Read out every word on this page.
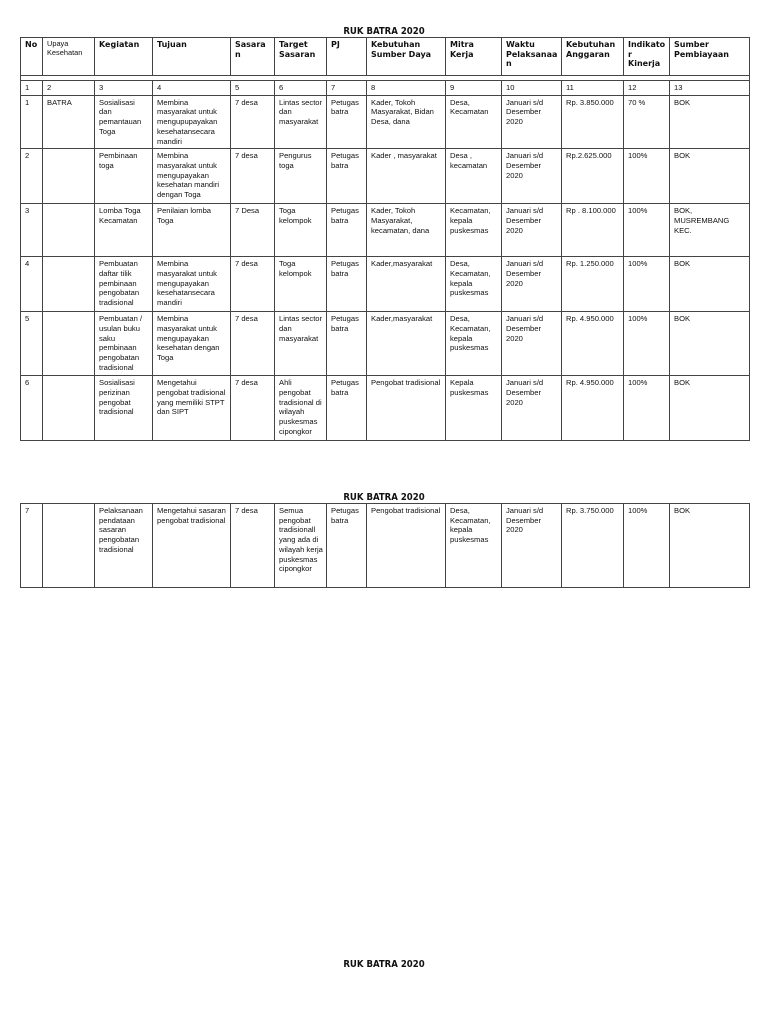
RUK BATRA 2020
No	Upaya Kesehatan	Kegiatan	Tujuan	Sasaran	Target Sasaran	PJ	Kebutuhan Sumber Daya	Mitra Kerja	Waktu Pelaksanaan	Kebutuhan Anggaran	Indikator Kinerja	Sumber Pembiayaan

1	2	3	4	5	6	7	8	9	10	11	12	13
1	BATRA	Sosialisasi dan pemantauan Toga	Membina masyarakat untuk mengupupayakan kesehatansecara mandiri	7 desa	Lintas sector dan masyarakat	Petugas batra	Kader, Tokoh Masyarakat, Bidan Desa, dana	Desa, Kecamatan	Januari s/d Desember 2020	Rp. 3.850.000	70 %	BOK
2		Pembinaan toga	Membina masyarakat untuk mengupayakan kesehatan mandiri dengan Toga	7 desa	Pengurus toga	Petugas batra	Kader , masyarakat	Desa , kecamatan	Januari s/d Desember 2020	Rp.2.625.000	100%	BOK
3		Lomba Toga Kecamatan	Penilaian lomba Toga	7 Desa	Toga kelompok	Petugas batra	Kader, Tokoh Masyarakat, kecamatan, dana	Kecamatan, kepala puskesmas	Januari s/d Desember 2020	Rp . 8.100.000	100%	BOK, MUSREMBANG KEC.
4		Pembuatan daftar tilik pembinaan pengobatan tradisional	Membina masyarakat untuk mengupayakan kesehatansecara mandiri	7 desa	Toga kelompok	Petugas batra	Kader,masyarakat	Desa, Kecamatan, kepala puskesmas	Januari s/d Desember 2020	Rp. 1.250.000	100%	BOK
5		Pembuatan / usulan buku saku pembinaan pengobatan tradisional	Membina masyarakat untuk mengupayakan kesehatan dengan Toga	7 desa	Lintas sector dan masyarakat	Petugas batra	Kader,masyarakat	Desa, Kecamatan, kepala puskesmas	Januari s/d Desember 2020	Rp. 4.950.000	100%	BOK
6		Sosialisasi perizinan pengobat tradisional	Mengetahui pengobat tradisional yang memiliki STPT dan SIPT	7 desa	Ahli pengobat tradisional di wilayah puskesmas cipongkor	Petugas batra	Pengobat tradisional	Kepala puskesmas	Januari s/d Desember 2020	Rp. 4.950.000	100%	BOK
RUK BATRA 2020
7		Pelaksanaan pendataan sasaran pengobatan tradisional	Mengetahui sasaran pengobat tradisional	7 desa	Semua pengobat tradisionall yang ada di wilayah kerja puskesmas cipongkor	Petugas batra	Pengobat tradisional	Desa, Kecamatan, kepala puskesmas	Januari s/d Desember 2020	Rp. 3.750.000	100%	BOK
RUK BATRA 2020
